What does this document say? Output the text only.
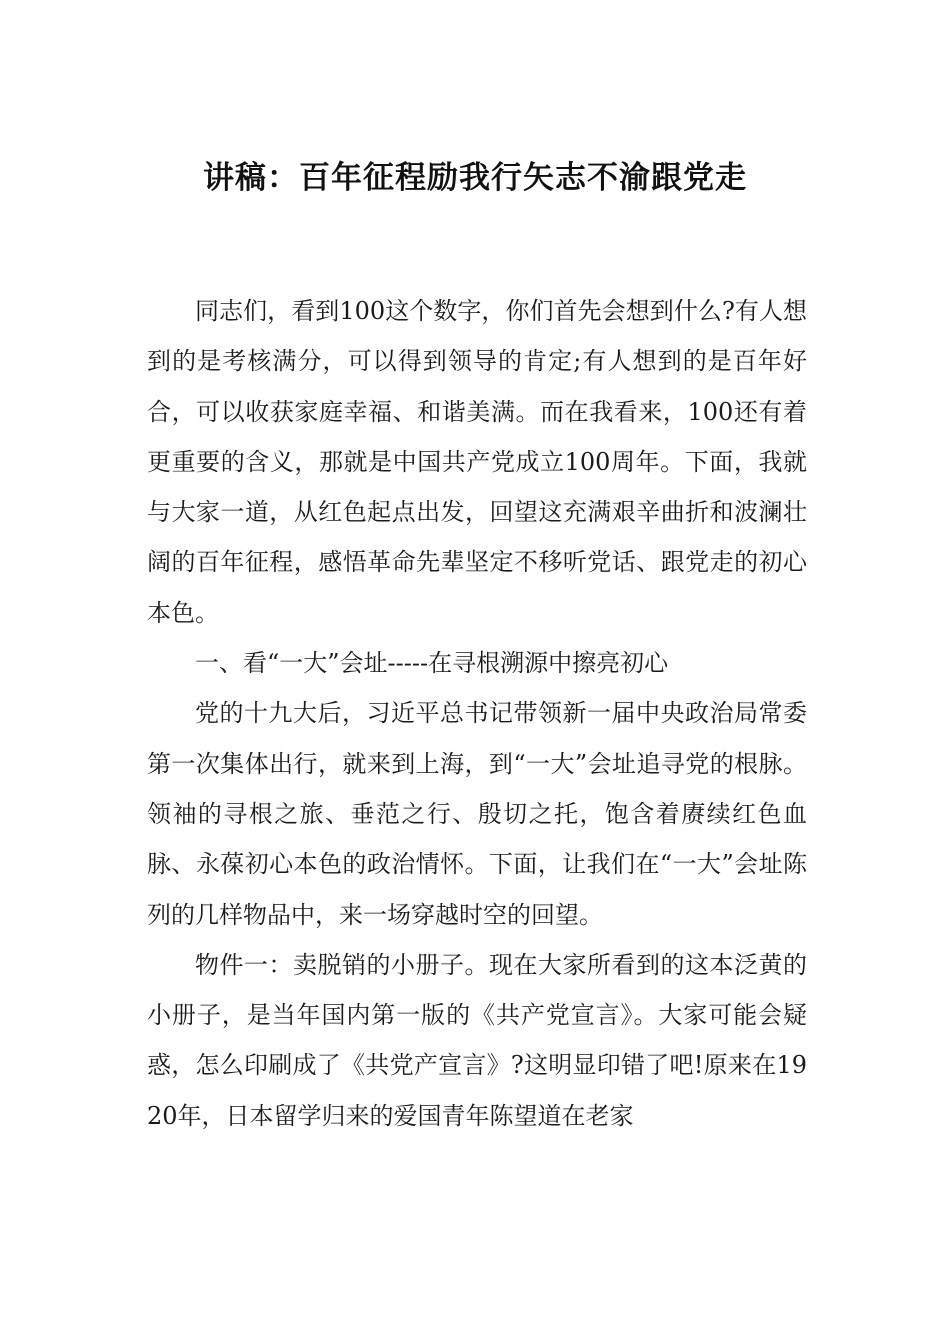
讲稿：百年征程励我行矢志不渝跟党走

同志们，看到100这个数字，你们首先会想到什么?有人想到的是考核满分，可以得到领导的肯定;有人想到的是百年好合，可以收获家庭幸福、和谐美满。而在我看来，100还有着更重要的含义，那就是中国共产党成立100周年。下面，我就与大家一道，从红色起点出发，回望这充满艰辛曲折和波澜壮阔的百年征程，感悟革命先辈坚定不移听党话、跟党走的初心本色。

一、看“一大”会址-----在寻根溯源中擦亮初心

党的十九大后，习近平总书记带领新一届中央政治局常委第一次集体出行，就来到上海，到“一大”会址追寻党的根脉。领袖的寻根之旅、垂范之行、殷切之托，饱含着赓续红色血脉、永葆初心本色的政治情怀。下面，让我们在“一大”会址陈列的几样物品中，来一场穿越时空的回望。

物件一：卖脱销的小册子。现在大家所看到的这本泛黄的小册子，是当年国内第一版的《共产党宣言》。大家可能会疑惑，怎么印刷成了《共党产宣言》?这明显印错了吧!原来在1920年，日本留学归来的爱国青年陈望道在老家
